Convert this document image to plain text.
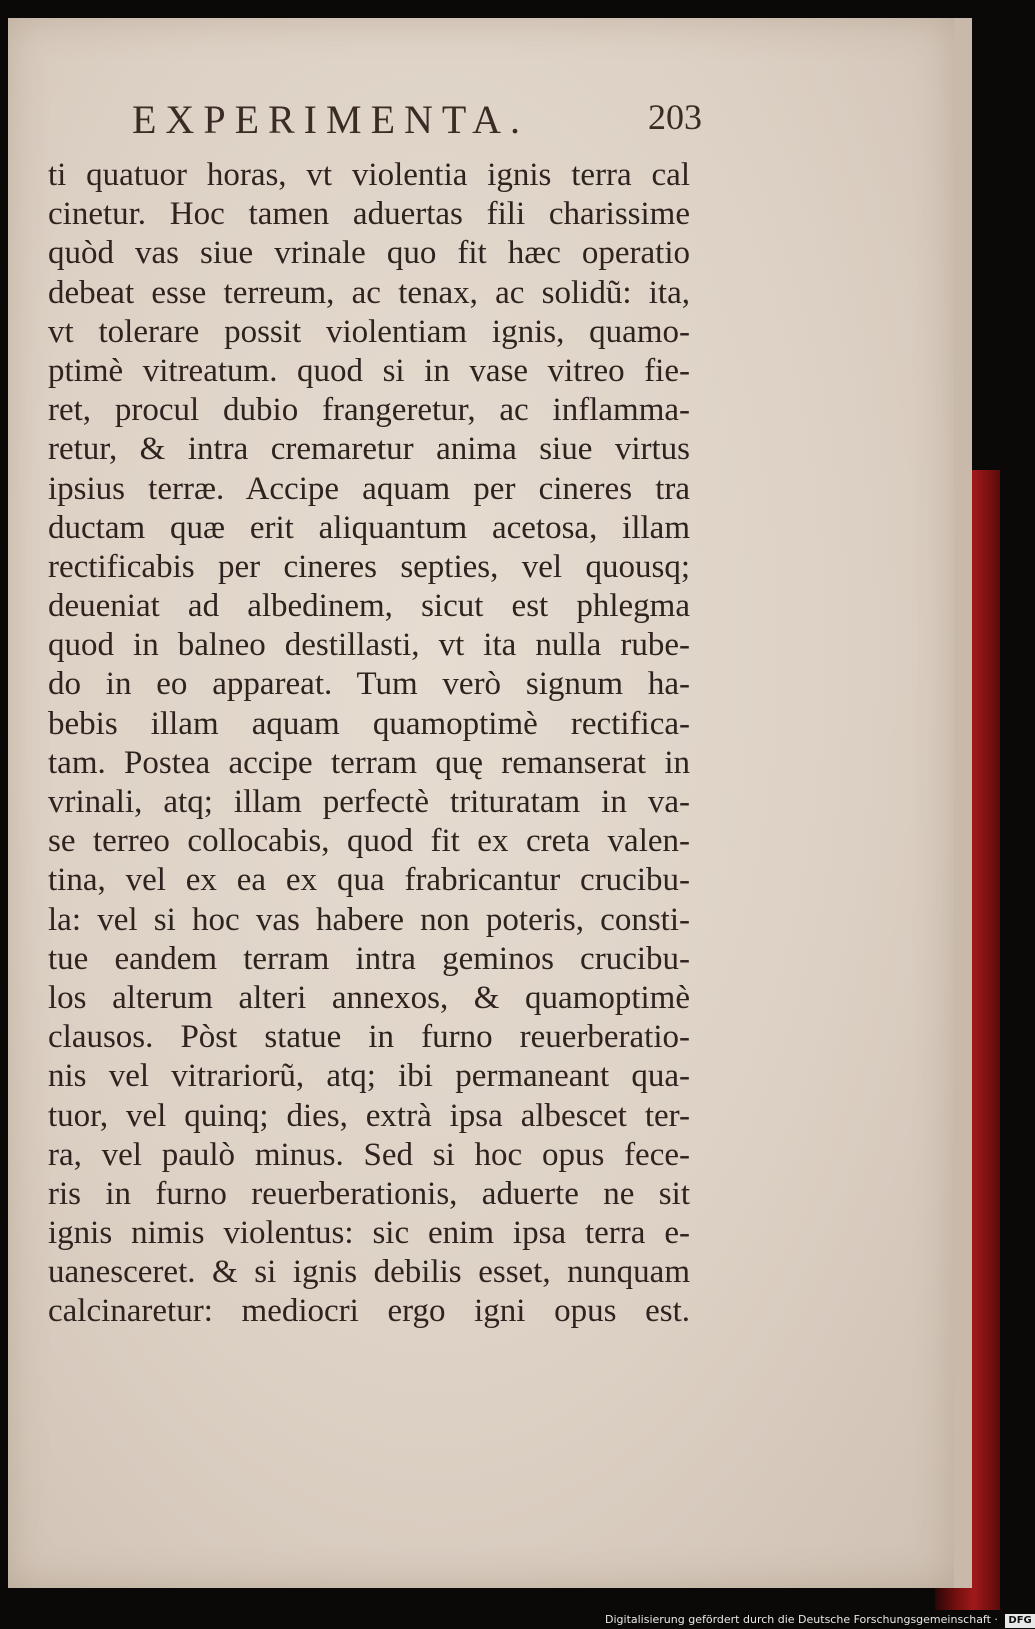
EXPERIMENTA.	203
ti quatuor horas, vt violentia ignis terra cal
cinetur. Hoc tamen aduertas fili charissime
quòd vas siue vrinale quo fit hæc operatio
debeat esse terreum, ac tenax, ac solidũ: ita,
vt tolerare possit violentiam ignis, quamo-
ptimè vitreatum. quod si in vase vitreo fie-
ret, procul dubio frangeretur, ac inflamma-
retur, & intra cremaretur anima siue virtus
ipsius terræ. Accipe aquam per cineres tra
ductam quæ erit aliquantum acetosa, illam
rectificabis per cineres septies, vel quousq;
deueniat ad albedinem, sicut est phlegma
quod in balneo destillasti, vt ita nulla rube-
do in eo appareat. Tum verò signum ha-
bebis illam aquam quamoptimè rectifica-
tam. Postea accipe terram quę remanserat in
vrinali, atq; illam perfectè trituratam in va-
se terreo collocabis, quod fit ex creta valen-
tina, vel ex ea ex qua frabricantur crucibu-
la: vel si hoc vas habere non poteris, consti-
tue eandem terram intra geminos crucibu-
los alterum alteri annexos, & quamoptimè
clausos. Pòst statue in furno reuerberatio-
nis vel vitrariorũ, atq; ibi permaneant qua-
tuor, vel quinq; dies, extrà ipsa albescet ter-
ra, vel paulò minus. Sed si hoc opus fece-
ris in furno reuerberationis, aduerte ne sit
ignis nimis violentus: sic enim ipsa terra e-
uanesceret. & si ignis debilis esset, nunquam
calcinaretur: mediocri ergo igni opus est.
Digitalisierung gefördert durch die Deutsche Forschungsgemeinschaft · DFG
